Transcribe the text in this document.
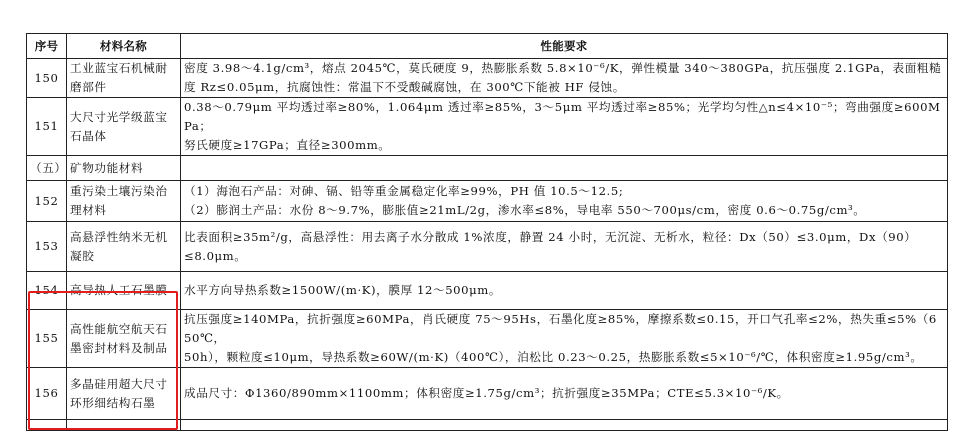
序号	材料名称	性能要求
150	工业蓝宝石机械耐磨部件	密度 3.98～4.1g/cm³，熔点 2045℃，莫氏硬度 9，热膨胀系数 5.8×10⁻⁶/K，弹性模量 340～380GPa，抗压强度 2.1GPa，表面粗糙
度 Rz≤0.05μm，抗腐蚀性：常温下不受酸碱腐蚀，在 300℃下能被 HF 侵蚀。

151	大尺寸光学级蓝宝石晶体	0.38～0.79μm 平均透过率≥80%，1.064μm 透过率≥85%，3～5μm 平均透过率≥85%；光学均匀性△n≤4×10⁻⁵；弯曲强度≥600MPa；
努氏硬度≥17GPa；直径≥300mm。

（五）	矿物功能材料	
152	重污染土壤污染治理材料	（1）海泡石产品：对砷、镉、铅等重金属稳定化率≥99%，PH 值 10.5～12.5;
（2）膨润土产品：水份 8～9.7%，膨胀值≥21mL/2g，渗水率≤8%，导电率 550～700μs/cm，密度 0.6～0.75g/cm³。

153	高悬浮性纳米无机凝胶	比表面积≥35m²/g，高悬浮性：用去离子水分散成 1%浓度，静置 24 小时，无沉淀、无析水，粒径：Dx（50）≤3.0μm，Dx（90）
≤8.0μm。

154	高导热人工石墨膜	水平方向导热系数≥1500W/(m·K)，膜厚 12～500μm。

155	高性能航空航天石墨密封材料及制品	抗压强度≥140MPa，抗折强度≥60MPa，肖氏硬度 75～95Hs，石墨化度≥85%，摩擦系数≤0.15，开口气孔率≤2%，热失重≤5%（650℃，
50h），颗粒度≤10μm，导热系数≥60W/(m·K)（400℃），泊松比 0.23～0.25，热膨胀系数≤5×10⁻⁶/℃，体积密度≥1.95g/cm³。

156	多晶硅用超大尺寸环形细结构石墨	成品尺寸：Φ1360/890mm×1100mm；体积密度≥1.75g/cm³；抗折强度≥35MPa；CTE≤5.3×10⁻⁶/K。
